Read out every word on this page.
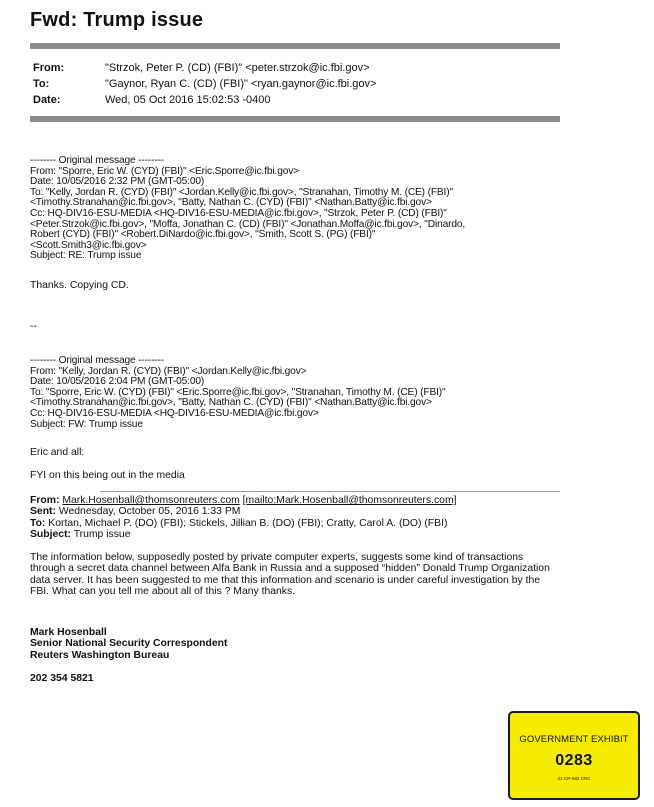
Fwd: Trump issue
From:	"Strzok, Peter P. (CD) (FBI)" <peter.strzok@ic.fbi.gov>
To:	"Gaynor, Ryan C. (CD) (FBI)" <ryan.gaynor@ic.fbi.gov>
Date:	Wed, 05 Oct 2016 15:02:53 -0400
-------- Original message --------
From: "Sporre, Eric W. (CYD) (FBI)" <Eric.Sporre@ic.fbi.gov>
Date: 10/05/2016 2:32 PM (GMT-05:00)
To: "Kelly, Jordan R. (CYD) (FBI)" <Jordan.Kelly@ic.fbi.gov>, "Stranahan, Timothy M. (CE) (FBI)"
<Timothy.Stranahan@ic.fbi.gov>, "Batty, Nathan C. (CYD) (FBI)" <Nathan.Batty@ic.fbi.gov>
Cc: HQ-DIV16-ESU-MEDIA <HQ-DIV16-ESU-MEDIA@ic.fbi.gov>, "Strzok, Peter P. (CD) (FBI)"
<Peter.Strzok@ic.fbi.gov>, "Moffa, Jonathan C. (CD) (FBI)" <Jonathan.Moffa@ic.fbi.gov>, "Dinardo,
Robert (CYD) (FBI)" <Robert.DiNardo@ic.fbi.gov>, "Smith, Scott S. (PG) (FBI)"
<Scott.Smith3@ic.fbi.gov>
Subject: RE: Trump issue
Thanks. Copying CD.
--
-------- Original message --------
From: "Kelly, Jordan R. (CYD) (FBI)" <Jordan.Kelly@ic.fbi.gov>
Date: 10/05/2016 2:04 PM (GMT-05:00)
To: "Sporre, Eric W. (CYD) (FBI)" <Eric.Sporre@ic.fbi.gov>, "Stranahan, Timothy M. (CE) (FBI)"
<Timothy.Stranahan@ic.fbi.gov>, "Batty, Nathan C. (CYD) (FBI)" <Nathan.Batty@ic.fbi.gov>
Cc: HQ-DIV16-ESU-MEDIA <HQ-DIV16-ESU-MEDIA@ic.fbi.gov>
Subject: FW: Trump issue
Eric and all:
FYI on this being out in the media
From: Mark.Hosenball@thomsonreuters.com [mailto:Mark.Hosenball@thomsonreuters.com]
Sent: Wednesday, October 05, 2016 1:33 PM
To: Kortan, Michael P. (DO) (FBI); Stickels, Jillian B. (DO) (FBI); Cratty, Carol A. (DO) (FBI)
Subject: Trump issue
The information below, supposedly posted by private computer experts, suggests some kind of transactions through a secret data channel between Alfa Bank in Russia and a supposed “hidden” Donald Trump Organization data server. It has been suggested to me that this information and scenario is under careful investigation by the FBI. What can you tell me about all of this ? Many thanks.
Mark Hosenball
Senior National Security Correspondent
Reuters Washington Bureau
202 354 5821
GOVERNMENT EXHIBIT
0283
21-CR-582 CRC
